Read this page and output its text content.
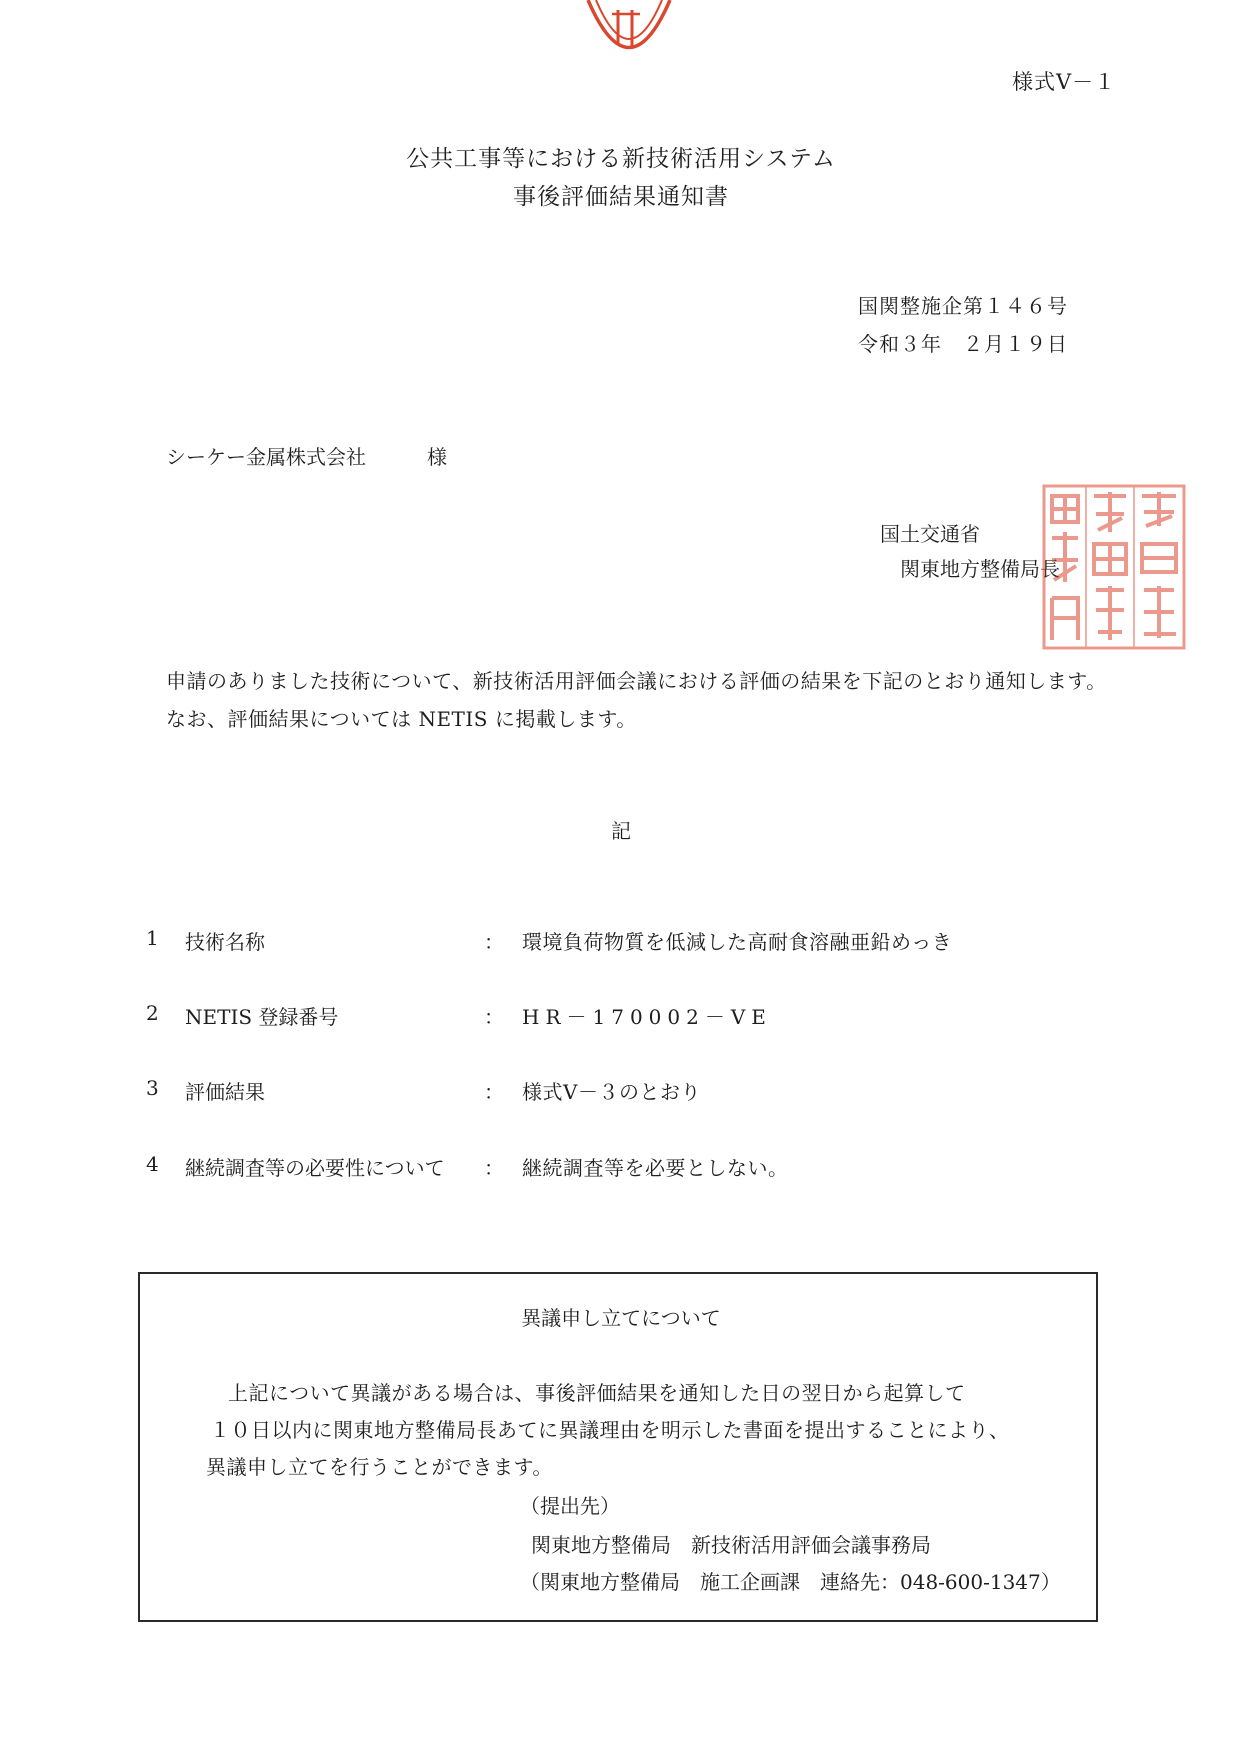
様式Ⅴ－１
公共工事等における新技術活用システム
事後評価結果通知書
国関整施企第１４６号
令和３年　２月１９日
シーケー金属株式会社	様
国土交通省
関東地方整備局長
申請のありました技術について、新技術活用評価会議における評価の結果を下記のとおり通知します。
なお、評価結果については NETIS に掲載します。
記
1 技術名称	： 環境負荷物質を低減した高耐食溶融亜鉛めっき
2 NETIS 登録番号	： HR－170002－VE
3 評価結果	： 様式Ⅴ－３のとおり
4 継続調査等の必要性について ： 継続調査等を必要としない。
異議申し立てについて
上記について異議がある場合は、事後評価結果を通知した日の翌日から起算して
１０日以内に関東地方整備局長あてに異議理由を明示した書面を提出することにより、
異議申し立てを行うことができます。
（提出先）
関東地方整備局　新技術活用評価会議事務局
（関東地方整備局　施工企画課　連絡先：048-600-1347）
